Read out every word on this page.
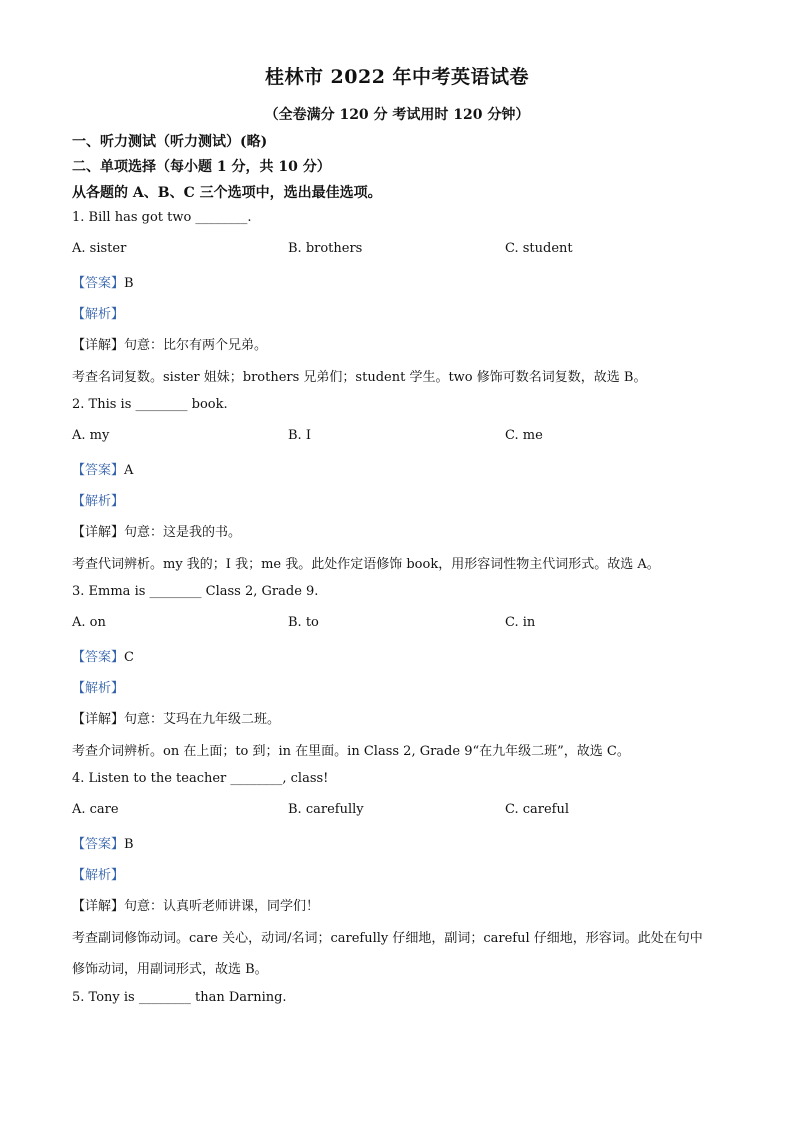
桂林市 2022 年中考英语试卷
（全卷满分 120 分 考试用时 120 分钟）
一、听力测试（听力测试）(略)
二、单项选择（每小题 1 分，共 10 分）
从各题的 A、B、C 三个选项中，选出最佳选项。
1. Bill has got two ________.
A. sister	B. brothers	C. student
【答案】B
【解析】
【详解】句意：比尔有两个兄弟。
考查名词复数。sister 姐妹；brothers 兄弟们；student 学生。two 修饰可数名词复数，故选 B。
2. This is ________ book.
A. my	B. I	C. me
【答案】A
【解析】
【详解】句意：这是我的书。
考查代词辨析。my 我的；I 我；me 我。此处作定语修饰 book，用形容词性物主代词形式。故选 A。
3. Emma is ________ Class 2, Grade 9.
A. on	B. to	C. in
【答案】C
【解析】
【详解】句意：艾玛在九年级二班。
考查介词辨析。on 在上面；to 到；in 在里面。in Class 2, Grade 9“在九年级二班”，故选 C。
4. Listen to the teacher ________, class!
A. care	B. carefully	C. careful
【答案】B
【解析】
【详解】句意：认真听老师讲课，同学们！
考查副词修饰动词。care 关心，动词/名词；carefully 仔细地，副词；careful 仔细地，形容词。此处在句中
修饰动词，用副词形式，故选 B。
5. Tony is ________ than Darning.
